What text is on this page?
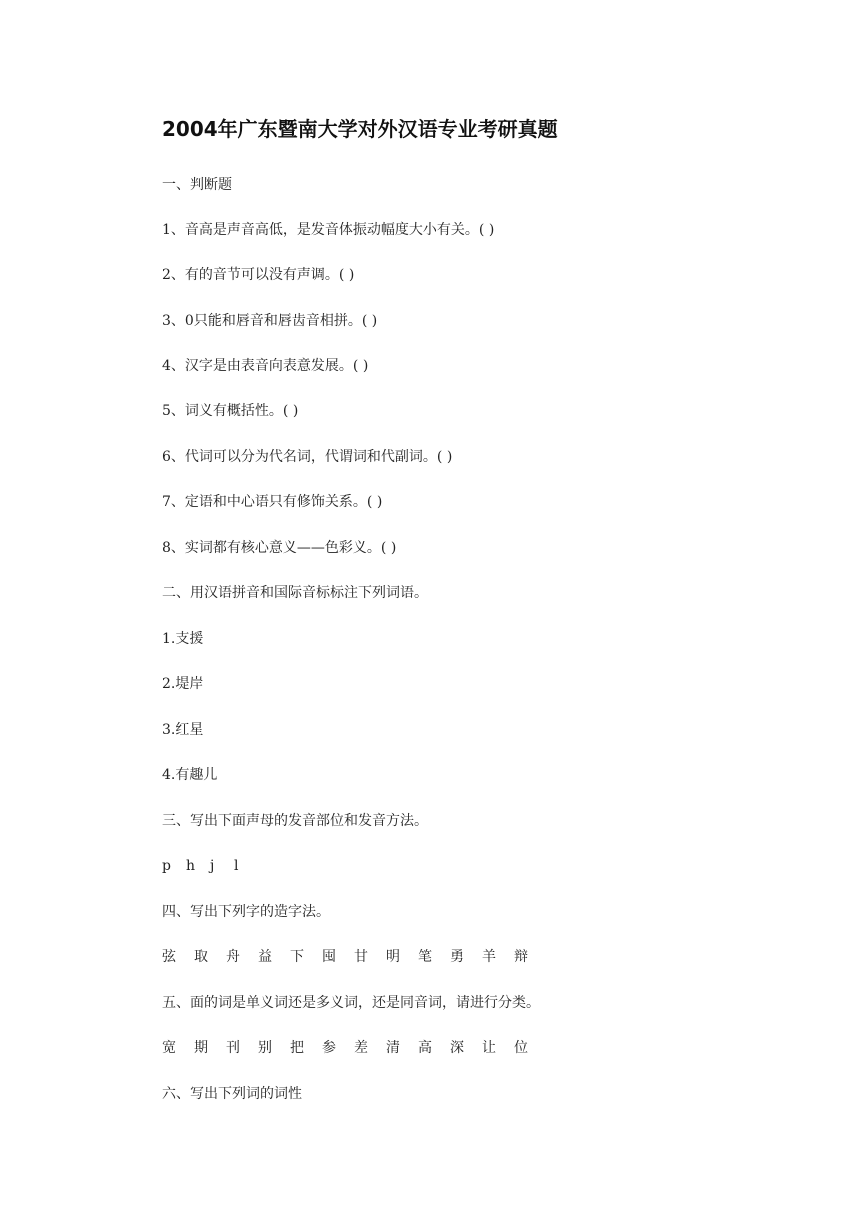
2004年广东暨南大学对外汉语专业考研真题
一、判断题
1、音高是声音高低，是发音体振动幅度大小有关。( )
2、有的音节可以没有声调。( )
3、0只能和唇音和唇齿音相拼。( )
4、汉字是由表音向表意发展。( )
5、词义有概括性。( )
6、代词可以分为代名词，代谓词和代副词。( )
7、定语和中心语只有修饰关系。( )
8、实词都有核心意义——色彩义。( )
二、用汉语拼音和国际音标标注下列词语。
1.支援
2.堤岸
3.红星
4.有趣儿
三、写出下面声母的发音部位和发音方法。
p	h	j	l
四、写出下列字的造字法。
弦	取	舟	益	下	囤	甘	明	笔	勇	羊	辩
五、面的词是单义词还是多义词，还是同音词，请进行分类。
宽	期	刊	别	把	参	差	清	高	深	让	位
六、写出下列词的词性
